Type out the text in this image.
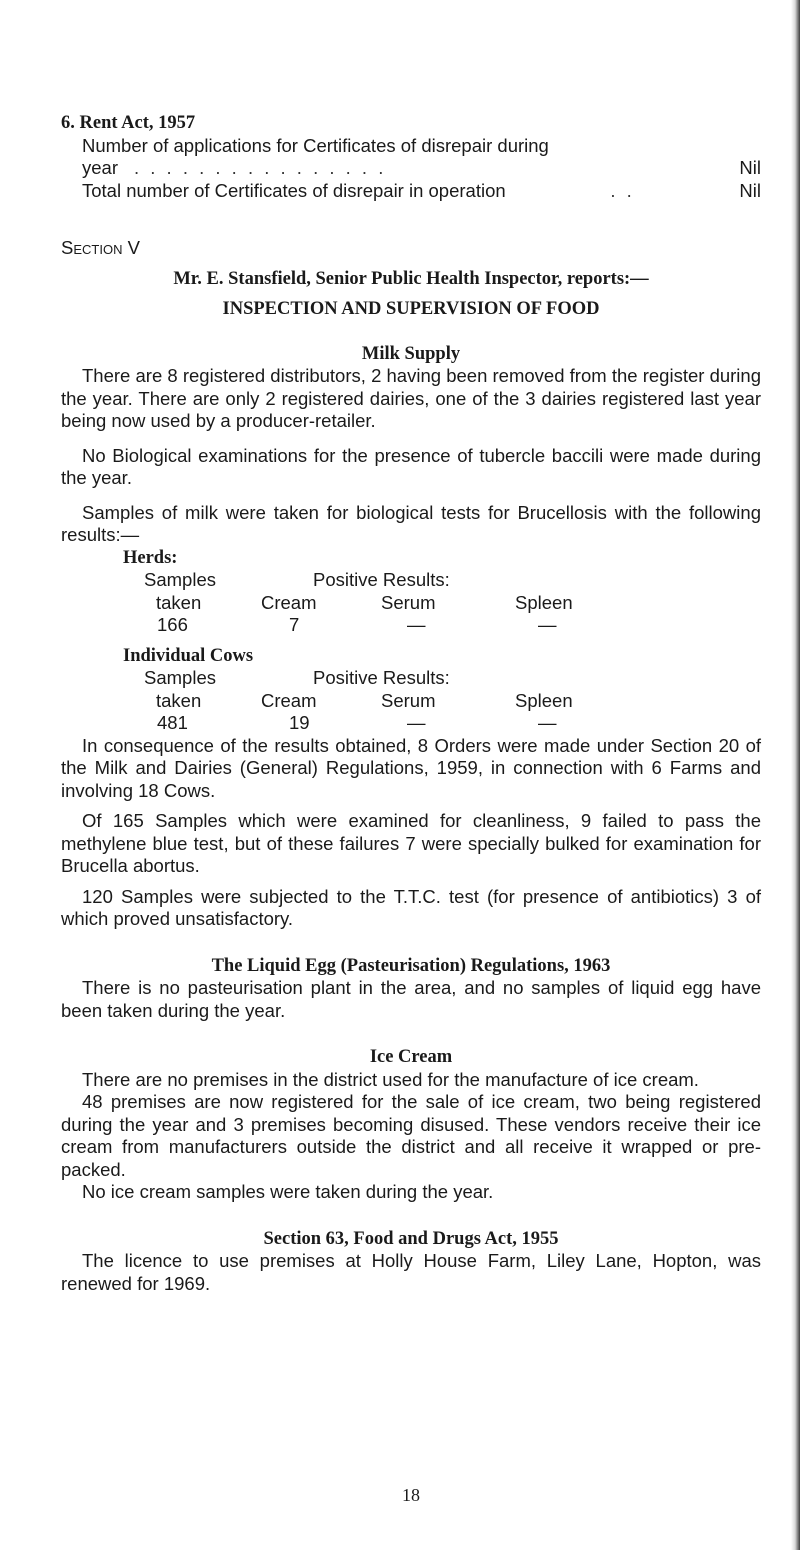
6. Rent Act, 1957
Number of applications for Certificates of disrepair during
year . . . . . . . . . . . . . . . .	Nil
Total number of Certificates of disrepair in operation	. .	Nil
Section V
Mr. E. Stansfield, Senior Public Health Inspector, reports:—
INSPECTION AND SUPERVISION OF FOOD
Milk Supply

There are 8 registered distributors, 2 having been removed from the register during the year. There are only 2 registered dairies, one of the 3 dairies registered last year being now used by a producer-retailer.

No Biological examinations for the presence of tubercle baccili were made during the year.

Samples of milk were taken for biological tests for Brucellosis with the following results:—

Herds:
Samples	Positive Results:
taken	Cream	Serum	Spleen
166	7	—	—
Individual Cows
Samples	Positive Results:
taken	Cream	Serum	Spleen
481	19	—	—

In consequence of the results obtained, 8 Orders were made under Section 20 of the Milk and Dairies (General) Regulations, 1959, in connection with 6 Farms and involving 18 Cows.

Of 165 Samples which were examined for cleanliness, 9 failed to pass the methylene blue test, but of these failures 7 were specially bulked for examination for Brucella abortus.

120 Samples were subjected to the T.T.C. test (for presence of antibiotics) 3 of which proved unsatisfactory.

The Liquid Egg (Pasteurisation) Regulations, 1963

There is no pasteurisation plant in the area, and no samples of liquid egg have been taken during the year.

Ice Cream

There are no premises in the district used for the manufacture of ice cream.

48 premises are now registered for the sale of ice cream, two being registered during the year and 3 premises becoming disused. These vendors receive their ice cream from manufacturers outside the district and all receive it wrapped or pre-packed.

No ice cream samples were taken during the year.

Section 63, Food and Drugs Act, 1955

The licence to use premises at Holly House Farm, Liley Lane, Hopton, was renewed for 1969.

18
